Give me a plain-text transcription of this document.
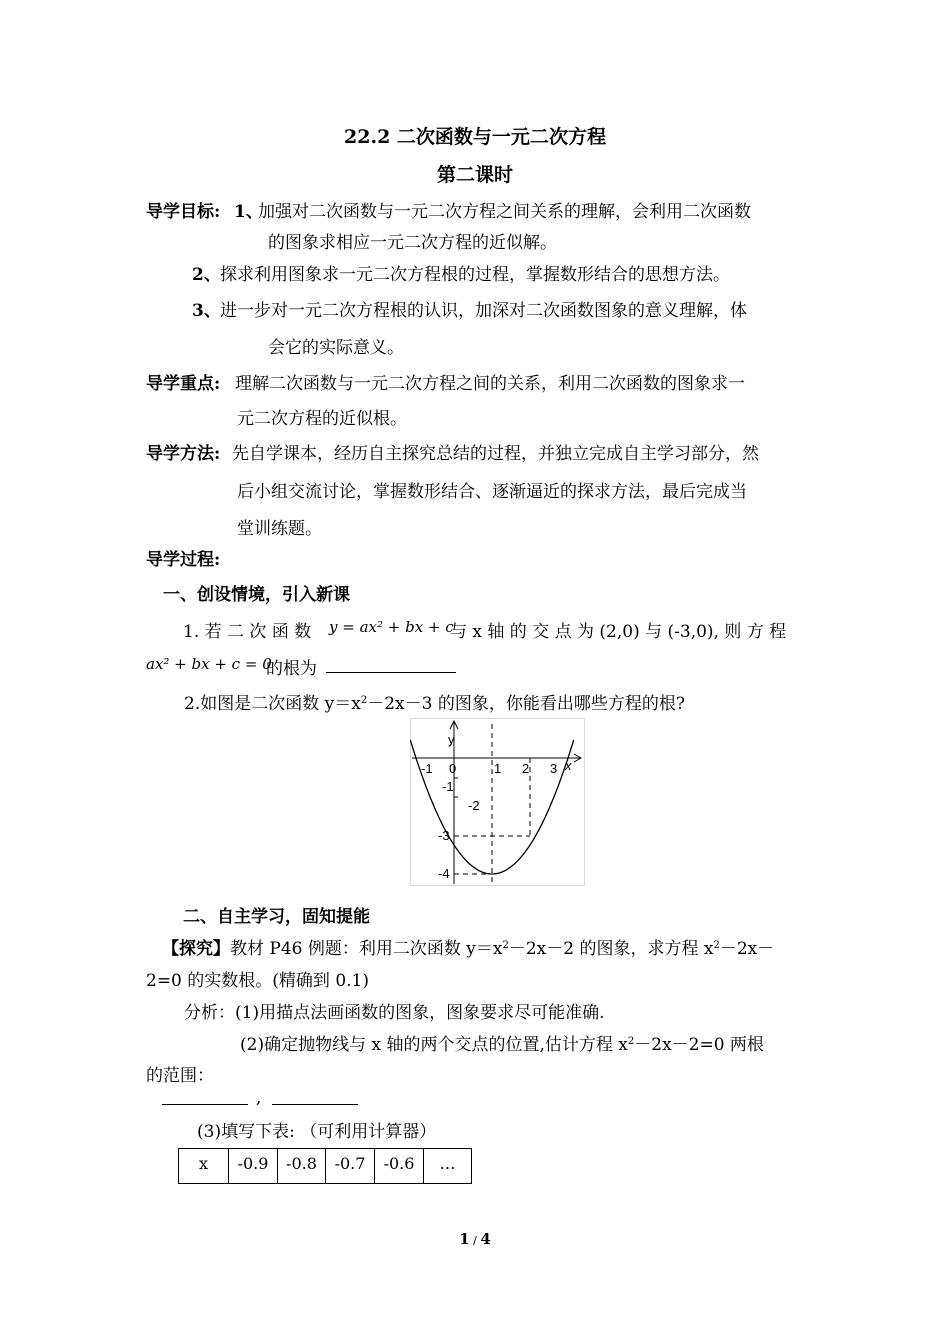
22.2 二次函数与一元二次方程
第二课时
导学目标: 1、
加强对二次函数与一元二次方程之间关系的理解，会利用二次函数
的图象求相应一元二次方程的近似解。
2、 探求利用图象求一元二次方程根的过程，掌握数形结合的思想方法。
3、 进一步对一元二次方程根的认识，加深对二次函数图象的意义理解，体
会它的实际意义。
导学重点: 理解二次函数与一元二次方程之间的关系，利用二次函数的图象求一
元二次方程的近似根。
导学方法: 先自学课本，经历自主探究总结的过程，并独立完成自主学习部分，然
后小组交流讨论，掌握数形结合、逐渐逼近的探求方法，最后完成当
堂训练题。
导学过程:
一、创设情境，引入新课
1. 若 二 次 函 数 y = ax² + bx + c
与 x 轴 的 交 点 为 (2,0) 与 (-3,0), 则 方 程
ax² + bx + c = 0
的根为
2.如图是二次函数 $y=x^2-2x-3$ 的图象，你能看出哪些方程的根?
y
x
-1 0	1 2 3
-1
-2
-3
-4
二、自主学习，固知提能
【探究】教材 P46 例题：利用二次函数 $y=x^2-2x-2$ 的图象，求方程 $x^2-2x-$
2=0 的实数根。(精确到 0.1)
分析：(1)用描点法画函数的图象，图象要求尽可能准确.
(2)确定抛物线与 x 轴的两个交点的位置,估计方程 $x^2-2x-2=0$ 两根
的范围：
,
(3)填写下表: （可利用计算器）
x	-0.9	-0.8	-0.7	-0.6	…
1 / 4
